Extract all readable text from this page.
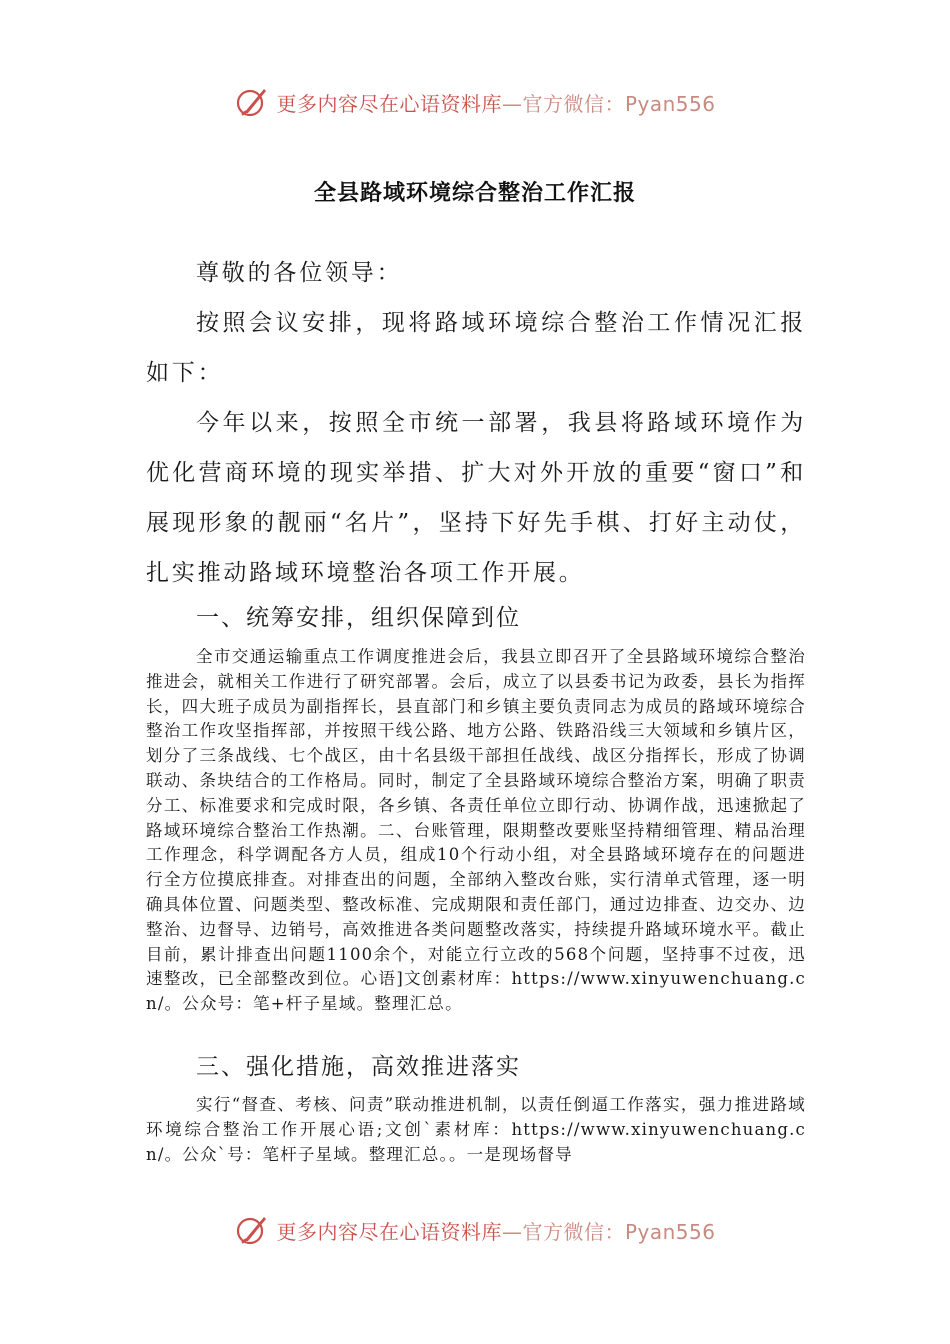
更多内容尽在心语资料库—官方微信：Pyan556
全县路域环境综合整治工作汇报

尊敬的各位领导：

按照会议安排，现将路域环境综合整治工作情况汇报如下：

今年以来，按照全市统一部署，我县将路域环境作为优化营商环境的现实举措、扩大对外开放的重要“窗口”和展现形象的靓丽“名片”，坚持下好先手棋、打好主动仗，扎实推动路域环境整治各项工作开展。

一、统筹安排，组织保障到位

全市交通运输重点工作调度推进会后，我县立即召开了全县路域环境综合整治推进会，就相关工作进行了研究部署。会后，成立了以县委书记为政委，县长为指挥长，四大班子成员为副指挥长，县直部门和乡镇主要负责同志为成员的路域环境综合整治工作攻坚指挥部，并按照干线公路、地方公路、铁路沿线三大领域和乡镇片区，划分了三条战线、七个战区，由十名县级干部担任战线、战区分指挥长，形成了协调联动、条块结合的工作格局。同时，制定了全县路域环境综合整治方案，明确了职责分工、标准要求和完成时限，各乡镇、各责任单位立即行动、协调作战，迅速掀起了路域环境综合整治工作热潮。二、台账管理，限期整改要账坚持精细管理、精品治理工作理念，科学调配各方人员，组成10个行动小组，对全县路域环境存在的问题进行全方位摸底排查。对排查出的问题，全部纳入整改台账，实行清单式管理，逐一明确具体位置、问题类型、整改标准、完成期限和责任部门，通过边排查、边交办、边整治、边督导、边销号，高效推进各类问题整改落实，持续提升路域环境水平。截止目前，累计排查出问题1100余个，对能立行立改的568个问题，坚持事不过夜，迅速整改，已全部整改到位。心语]文创素材库：https://www.xinyuwenchuang.cn/。公众号：笔+杆子星域。整理汇总。

三、强化措施，高效推进落实

实行“督查、考核、问责”联动推进机制，以责任倒逼工作落实，强力推进路域环境综合整治工作开展心语;文创`素材库：https://www.xinyuwenchuang.cn/。公众`号：笔杆子星域。整理汇总。。一是现场督导

更多内容尽在心语资料库—官方微信：Pyan556
